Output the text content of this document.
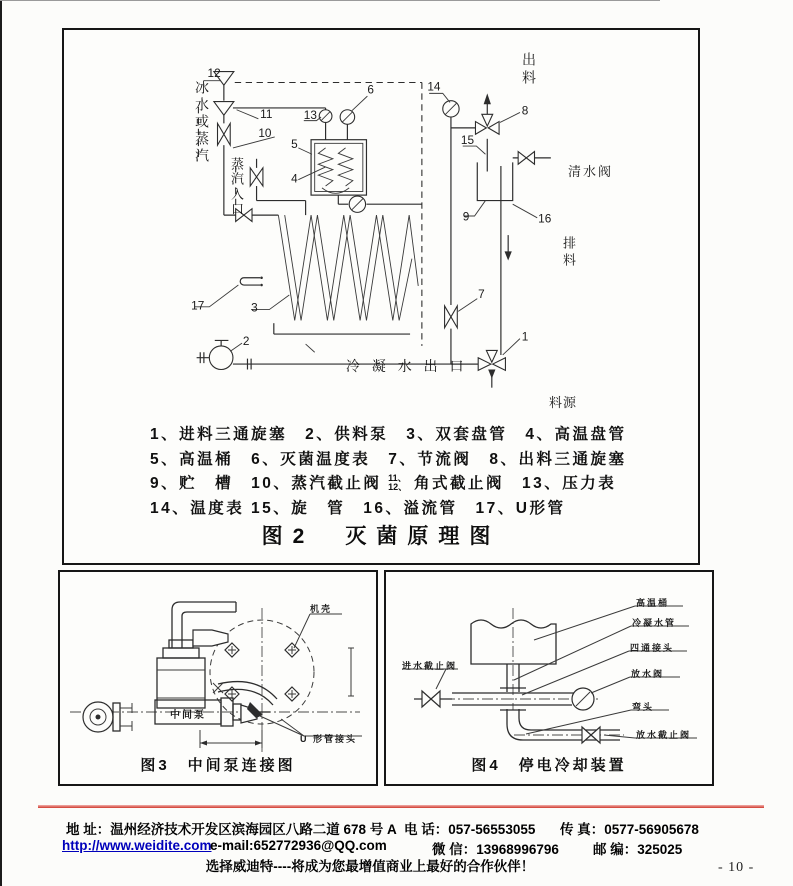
12
11
10
13
5
6
4
14
8
15
9	16
7
17	3
2	1
冰水或蒸汽
蒸汽入口
出料
清水阀
排料
冷 凝 水 出 口
料源
1、进料三通旋塞　2、供料泵　3、双套盘管　4、高温盘管
5、高温桶　6、灭菌温度表　7、节流阀　8、出料三通旋塞
9、贮　槽　10、蒸汽截止阀 11、
12、 角式截止阀　13、压力表
14、温度表 15、旋　管　16、溢流管　17、U形管
图2　灭菌原理图
机壳
中间泵
U 形管接头
图3　中间泵连接图
进水截止阀
高温桶
冷凝水管
四通接头
放水阀
弯头
放水截止阀
图4　停电冷却装置
地 址：温州经济技术开发区滨海园区八路二道 678 号 A 电 话：057-56553055 传 真：0577-56905678
http://www.weidite.com
e-mail:652772936@QQ.com	微 信：13968996796	邮 编：325025
选择威迪特----将成为您最增值商业上最好的合作伙伴！	- 10 -
